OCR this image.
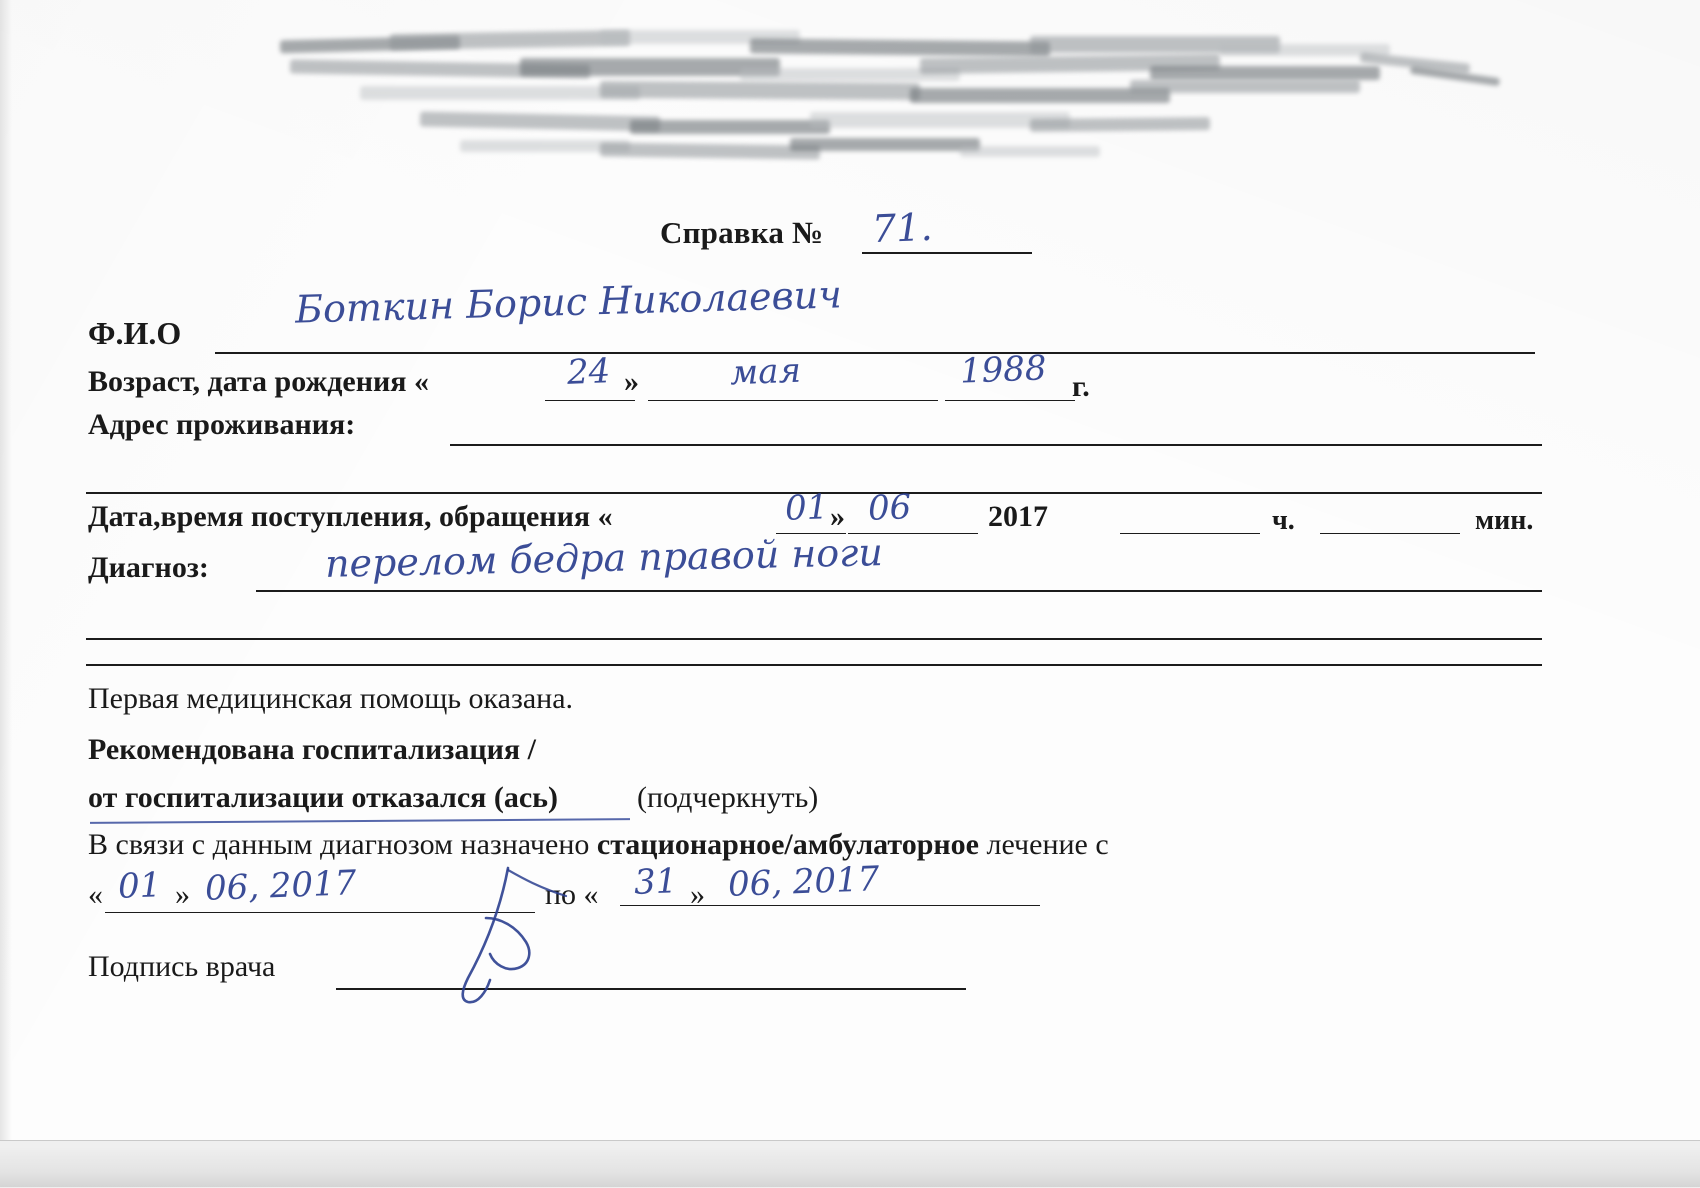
Справка № 71.
Ф.И.О
Боткин Борис Николаевич
Возраст, дата рождения «	24 »	мая	1988 г.
Адрес проживания:
Дата,время поступления, обращения «	01 » 06	2017	ч.	мин.
Диагноз:	перелом бедра правой ноги
Первая медицинская помощь оказана.
Рекомендована госпитализация /
от госпитализации отказался (ась)	(подчеркнуть)
В связи с данным диагнозом назначено стационарное/амбулаторное лечение с
« 01 » 06, 2017	по « 31 » 06, 2017
Подпись врача
